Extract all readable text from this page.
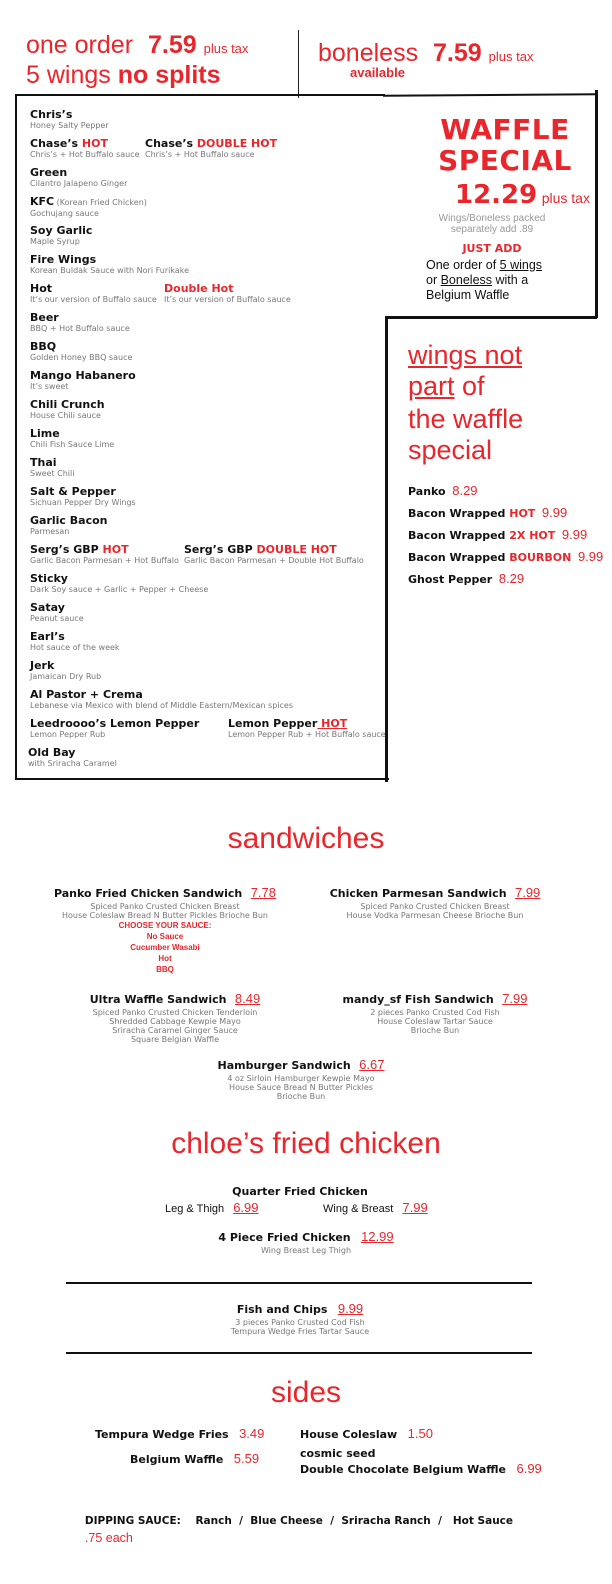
one order 7.59 plus tax
5 wings no splits
boneless 7.59 plus tax
available
Chris’s
Honey Salty Pepper
Chase’s HOT
Chris’s + Hot Buffalo sauce
Chase’s DOUBLE HOT
Chris’s + Hot Buffalo sauce
Green
Cilantro Jalapeno Ginger
KFC (Korean Fried Chicken)
Gochujang sauce
Soy Garlic
Maple Syrup
Fire Wings
Korean Buldak Sauce with Nori Furikake
Hot
It’s our version of Buffalo sauce
Double Hot
It’s our version of Buffalo sauce
Beer
BBQ + Hot Buffalo sauce
BBQ
Golden Honey BBQ sauce
Mango Habanero
It’s sweet
Chili Crunch
House Chili sauce
Lime
Chili Fish Sauce Lime
Thai
Sweet Chili
Salt & Pepper
Sichuan Pepper Dry Wings
Garlic Bacon
Parmesan
Serg’s GBP HOT
Garlic Bacon Parmesan + Hot Buffalo
Serg’s GBP DOUBLE HOT
Garlic Bacon Parmesan + Double Hot Buffalo
Sticky
Dark Soy sauce + Garlic + Pepper + Cheese
Satay
Peanut sauce
Earl’s
Hot sauce of the week
Jerk
Jamaican Dry Rub
Al Pastor + Crema
Lebanese via Mexico with blend of Middle Eastern/Mexican spices
Leedroooo’s Lemon Pepper
Lemon Pepper Rub
Lemon Pepper HOT
Lemon Pepper Rub + Hot Buffalo sauce
Old Bay
with Sriracha Caramel
WAFFLE
SPECIAL
12.29 plus tax
Wings/Boneless packed
separately add .89
JUST ADD
One order of 5 wings
or Boneless with a
Belgium Waffle
wings not
part of
the waffle
special
Panko 8.29
Bacon Wrapped HOT 9.99
Bacon Wrapped 2X HOT 9.99
Bacon Wrapped BOURBON 9.99
Ghost Pepper 8.29
sandwiches
Panko Fried Chicken Sandwich 7.78
Spiced Panko Crusted Chicken Breast
House Coleslaw Bread N Butter Pickles Brioche Bun
CHOOSE YOUR SAUCE:
No Sauce
Cucumber Wasabi
Hot
BBQ
Chicken Parmesan Sandwich 7.99
Spiced Panko Crusted Chicken Breast
House Vodka Parmesan Cheese Brioche Bun
Ultra Waffle Sandwich 8.49
Spiced Panko Crusted Chicken Tenderloin
Shredded Cabbage Kewpie Mayo
Sriracha Caramel Ginger Sauce
Square Belgian Waffle
mandy_sf Fish Sandwich 7.99
2 pieces Panko Crusted Cod Fish
House Coleslaw Tartar Sauce
Brioche Bun
Hamburger Sandwich 6.67
4 oz Sirloin Hamburger Kewpie Mayo
House Sauce Bread N Butter Pickles
Brioche Bun
chloe’s fried chicken
Quarter Fried Chicken
Leg & Thigh 6.99	Wing & Breast 7.99
4 Piece Fried Chicken 12.99
Wing Breast Leg Thigh
Fish and Chips 9.99
3 pieces Panko Crusted Cod Fish
Tempura Wedge Fries Tartar Sauce
sides
Tempura Wedge Fries 3.49	House Coleslaw 1.50
Belgium Waffle 5.59	cosmic seed
Double Chocolate Belgium Waffle 6.99

DIPPING SAUCE:    Ranch  /  Blue Cheese  /  Sriracha Ranch  /   Hot Sauce
.75 each
